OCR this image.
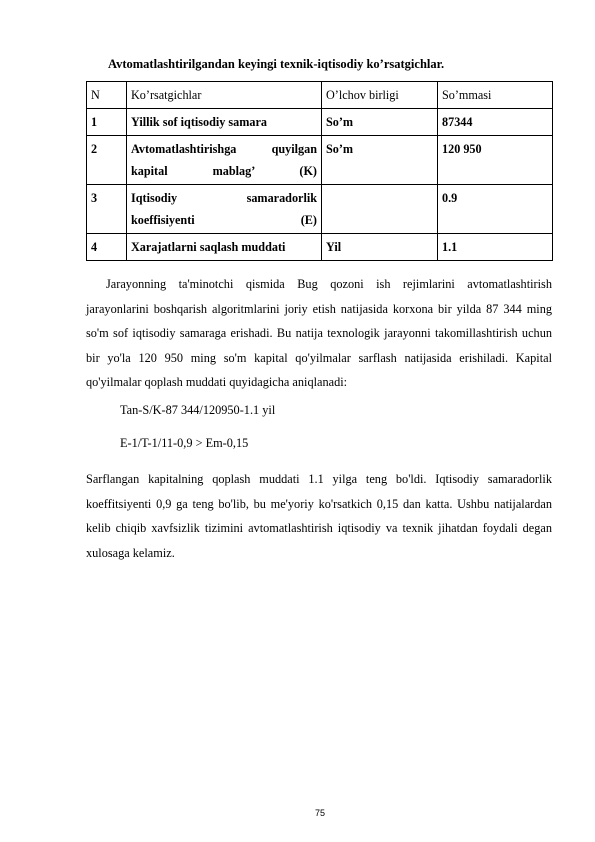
Avtomatlashtirilgandan keyingi texnik-iqtisodiy ko’rsatgichlar.
N	Ko’rsatgichlar	O’lchov birligi	So’mmasi
1	Yillik sof iqtisodiy samara	So’m	87344
2	Avtomatlashtirishga quyilgan kapital mablag’ (K)	So’m	120 950
3	Iqtisodiy samaradorlik koeffisiyenti (E)		0.9
4	Xarajatlarni saqlash muddati	Yil	1.1

Jarayonning ta'minotchi qismida Bug qozoni ish rejimlarini avtomatlashtirish jarayonlarini boshqarish algoritmlarini joriy etish natijasida korxona bir yilda 87 344 ming so'm sof iqtisodiy samaraga erishadi. Bu natija texnologik jarayonni takomillashtirish uchun bir yo'la 120 950 ming so'm kapital qo'yilmalar sarflash natijasida erishiladi. Kapital qo'yilmalar qoplash muddati quyidagicha aniqlanadi:

Tan-S/K-87 344/120950-1.1 yil
E-1/T-1/11-0,9 > Em-0,15

Sarflangan kapitalning qoplash muddati 1.1 yilga teng bo'ldi. Iqtisodiy samaradorlik koeffitsiyenti 0,9 ga teng bo'lib, bu me'yoriy ko'rsatkich 0,15 dan katta. Ushbu natijalardan kelib chiqib xavfsizlik tizimini avtomatlashtirish iqtisodiy va texnik jihatdan foydali degan xulosaga kelamiz.

75
